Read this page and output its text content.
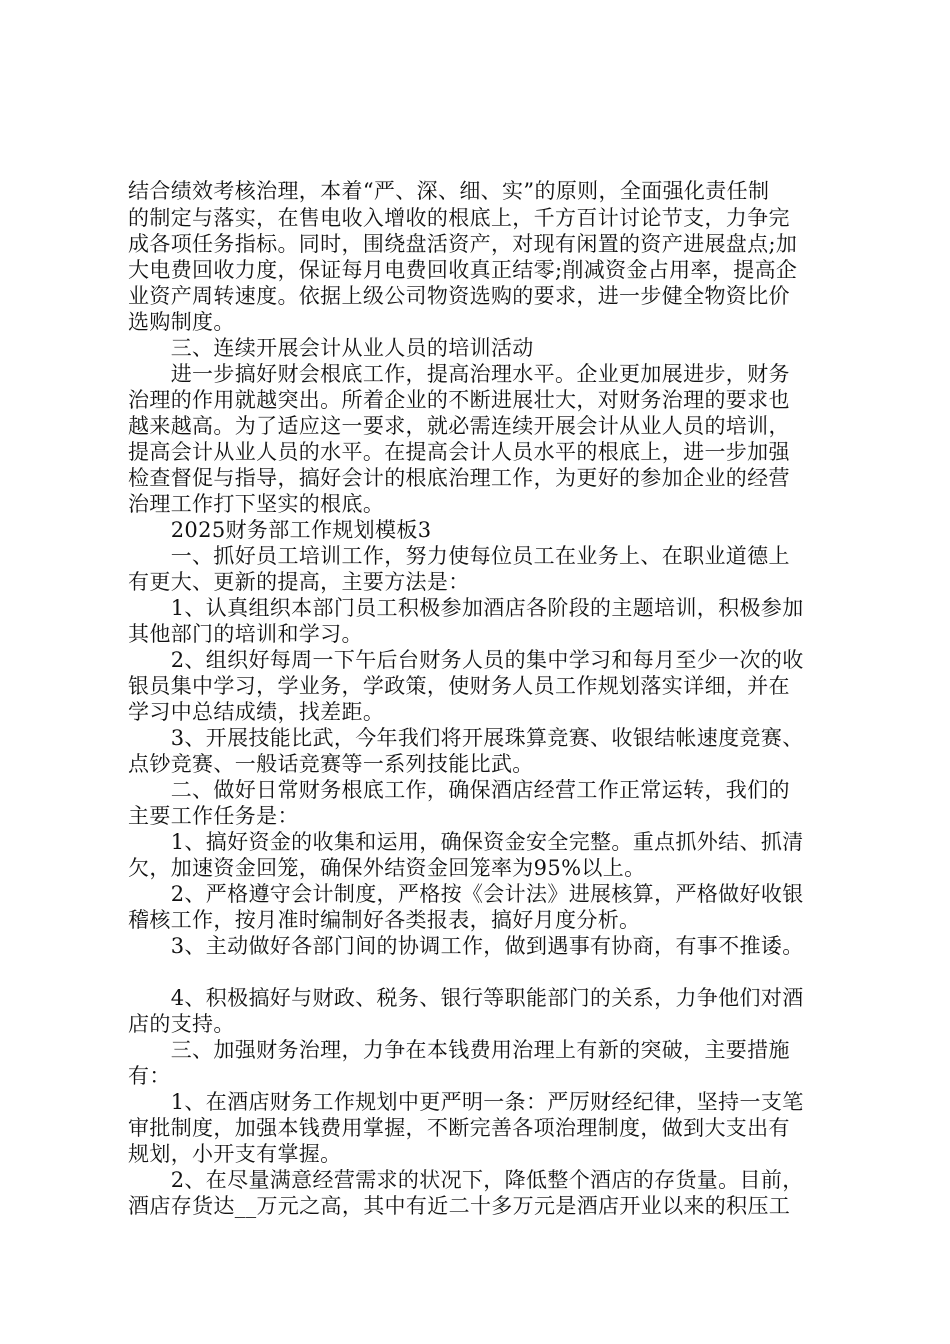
结合绩效考核治理，本着“严、深、细、实”的原则，全面强化责任制
的制定与落实，在售电收入增收的根底上，千方百计讨论节支，力争完
成各项任务指标。同时，围绕盘活资产，对现有闲置的资产进展盘点;加
大电费回收力度，保证每月电费回收真正结零;削减资金占用率，提高企
业资产周转速度。依据上级公司物资选购的要求，进一步健全物资比价
选购制度。
　　三、连续开展会计从业人员的培训活动
　　进一步搞好财会根底工作，提高治理水平。企业更加展进步，财务
治理的作用就越突出。所着企业的不断进展壮大，对财务治理的要求也
越来越高。为了适应这一要求，就必需连续开展会计从业人员的培训，
提高会计从业人员的水平。在提高会计人员水平的根底上，进一步加强
检查督促与指导，搞好会计的根底治理工作，为更好的参加企业的经营
治理工作打下坚实的根底。
　　2025财务部工作规划模板3
　　一、抓好员工培训工作，努力使每位员工在业务上、在职业道德上
有更大、更新的提高，主要方法是：
　　1、认真组织本部门员工积极参加酒店各阶段的主题培训，积极参加
其他部门的培训和学习。
　　2、组织好每周一下午后台财务人员的集中学习和每月至少一次的收
银员集中学习，学业务，学政策，使财务人员工作规划落实详细，并在
学习中总结成绩，找差距。
　　3、开展技能比武，今年我们将开展珠算竞赛、收银结帐速度竞赛、
点钞竞赛、一般话竞赛等一系列技能比武。
　　二、做好日常财务根底工作，确保酒店经营工作正常运转，我们的
主要工作任务是：
　　1、搞好资金的收集和运用，确保资金安全完整。重点抓外结、抓清
欠，加速资金回笼，确保外结资金回笼率为95%以上。
　　2、严格遵守会计制度，严格按《会计法》进展核算，严格做好收银
稽核工作，按月准时编制好各类报表，搞好月度分析。
　　3、主动做好各部门间的协调工作，做到遇事有协商，有事不推诿。
　　4、积极搞好与财政、税务、银行等职能部门的关系，力争他们对酒
店的支持。
　　三、加强财务治理，力争在本钱费用治理上有新的突破，主要措施
有：
　　1、在酒店财务工作规划中更严明一条：严厉财经纪律，坚持一支笔
审批制度，加强本钱费用掌握，不断完善各项治理制度，做到大支出有
规划，小开支有掌握。
　　2、在尽量满意经营需求的状况下，降低整个酒店的存货量。目前，
酒店存货达__万元之高，其中有近二十多万元是酒店开业以来的积压工
